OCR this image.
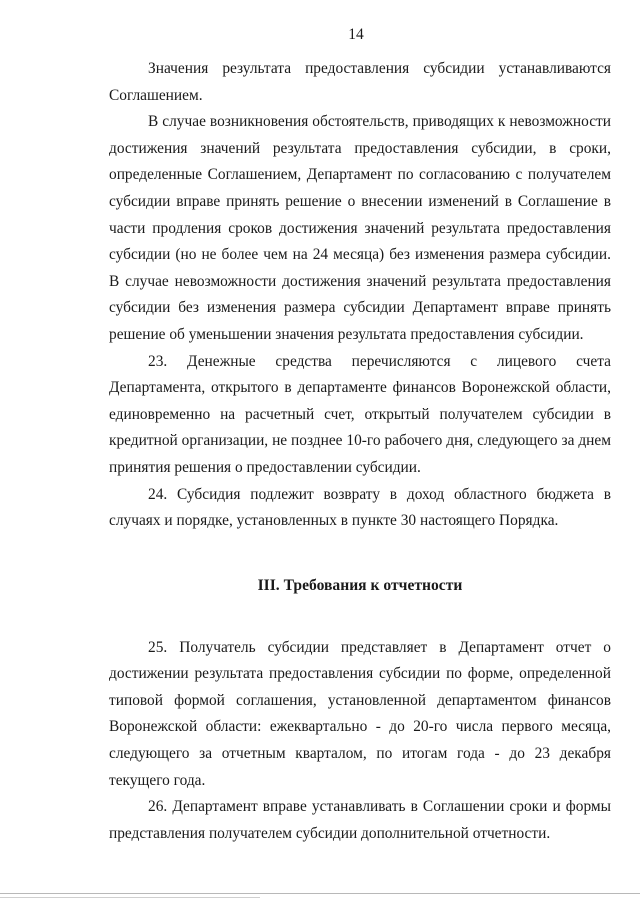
14

Значения результата предоставления субсидии устанавливаются Соглашением.

В случае возникновения обстоятельств, приводящих к невозможности достижения значений результата предоставления субсидии, в сроки, определенные Соглашением, Департамент по согласованию с получателем субсидии вправе принять решение о внесении изменений в Соглашение в части продления сроков достижения значений результата предоставления субсидии (но не более чем на 24 месяца) без изменения размера субсидии. В случае невозможности достижения значений результата предоставления субсидии без изменения размера субсидии Департамент вправе принять решение об уменьшении значения результата предоставления субсидии.

23. Денежные средства перечисляются с лицевого счета Департамента, открытого в департаменте финансов Воронежской области, единовременно на расчетный счет, открытый получателем субсидии в кредитной организации, не позднее 10-го рабочего дня, следующего за днем принятия решения о предоставлении субсидии.

24. Субсидия подлежит возврату в доход областного бюджета в случаях и порядке, установленных в пункте 30 настоящего Порядка.

III. Требования к отчетности

25. Получатель субсидии представляет в Департамент отчет о достижении результата предоставления субсидии по форме, определенной типовой формой соглашения, установленной департаментом финансов Воронежской области: ежеквартально - до 20-го числа первого месяца, следующего за отчетным кварталом, по итогам года - до 23 декабря текущего года.

26. Департамент вправе устанавливать в Соглашении сроки и формы представления получателем субсидии дополнительной отчетности.
